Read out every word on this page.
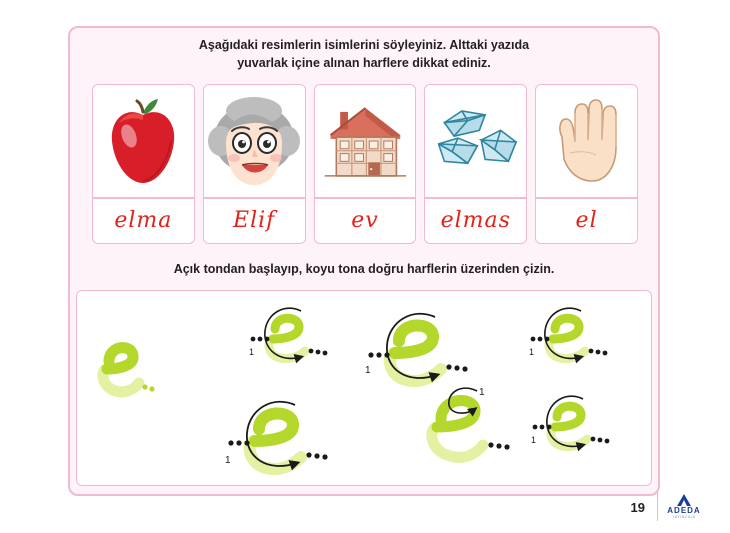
Aşağıdaki resimlerin isimlerini söyleyiniz. Alttaki yazıda
yuvarlak içine alınan harflere dikkat ediniz.
elma	Elif	ev	elmas	el
Açık tondan başlayıp, koyu tona doğru harflerin üzerinden çizin.
1
1
1
1
1
1
19	ADEDA
YAYINCILIK
